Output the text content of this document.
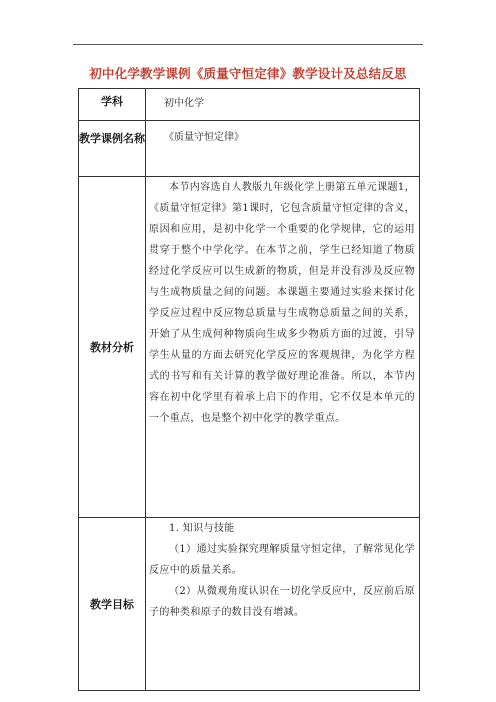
初中化学教学课例《质量守恒定律》教学设计及总结反思
学科	初中化学
教学课例名称	《质量守恒定律》
教材分析	本节内容选自人教版九年级化学上册第五单元课题1，《质量守恒定律》第1课时，它包含质量守恒定律的含义，原因和应用，是初中化学一个重要的化学规律，它的运用贯穿于整个中学化学。在本节之前，学生已经知道了物质经过化学反应可以生成新的物质，但是并没有涉及反应物与生成物质量之间的问题。本课题主要通过实验来探讨化学反应过程中反应物总质量与生成物总质量之间的关系，开始了从生成何种物质向生成多少物质方面的过渡，引导学生从量的方面去研究化学反应的客观规律，为化学方程式的书写和有关计算的教学做好理论准备。所以，本节内容在初中化学里有着承上启下的作用，它不仅是本单元的一个重点，也是整个初中化学的教学重点。

教学目标	1. 知识与技能

（1）通过实验探究理解质量守恒定律，了解常见化学反应中的质量关系。

（2）从微观角度认识在一切化学反应中，反应前后原子的种类和原子的数目没有增减。
